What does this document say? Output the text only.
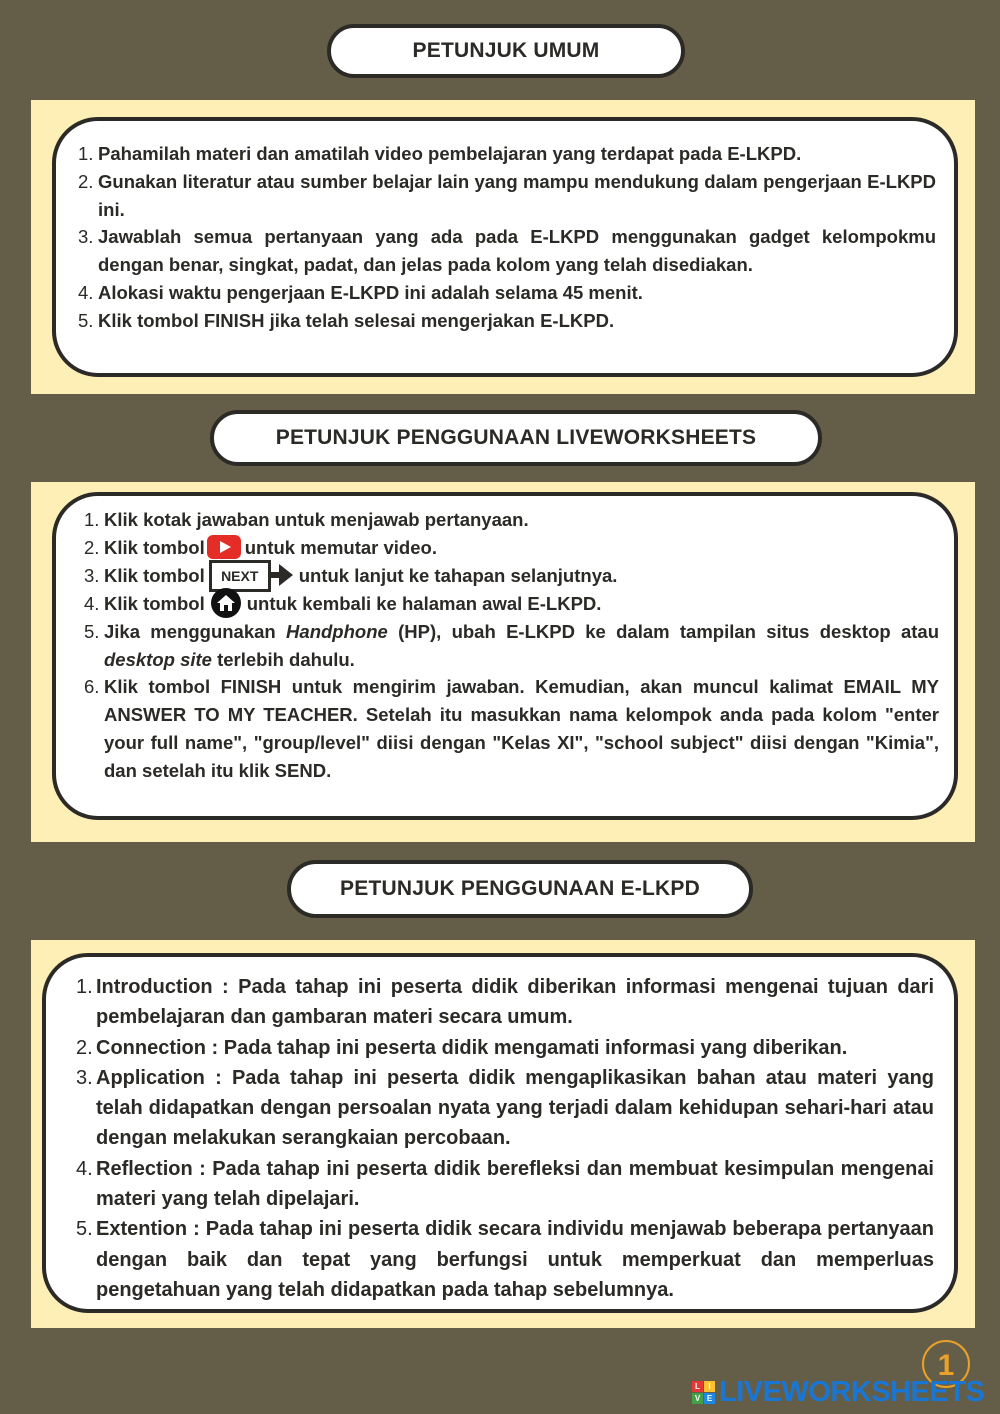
PETUNJUK UMUM
1. Pahamilah materi dan amatilah video pembelajaran yang terdapat pada E-LKPD.
2. Gunakan literatur atau sumber belajar lain yang mampu mendukung dalam pengerjaan E-LKPD ini.
3. Jawablah semua pertanyaan yang ada pada E-LKPD menggunakan gadget kelompokmu dengan benar, singkat, padat, dan jelas pada kolom yang telah disediakan.
4. Alokasi waktu pengerjaan E-LKPD ini adalah selama 45 menit.
5. Klik tombol FINISH jika telah selesai mengerjakan E-LKPD.
PETUNJUK PENGGUNAAN LIVEWORKSHEETS
1. Klik kotak jawaban untuk menjawab pertanyaan.
2. Klik tombol untuk memutar video.
3. Klik tombol	NEXT	untuk lanjut ke tahapan selanjutnya.
4. Klik tombol untuk kembali ke halaman awal E-LKPD.
5. Jika menggunakan Handphone (HP), ubah E-LKPD ke dalam tampilan situs desktop atau desktop site terlebih dahulu.
6. Klik tombol FINISH untuk mengirim jawaban. Kemudian, akan muncul kalimat EMAIL MY ANSWER TO MY TEACHER. Setelah itu masukkan nama kelompok anda pada kolom "enter your full name", "group/level" diisi dengan "Kelas XI", "school subject" diisi dengan "Kimia", dan setelah itu klik SEND.
PETUNJUK PENGGUNAAN E-LKPD
1. Introduction : Pada tahap ini peserta didik diberikan informasi mengenai tujuan dari pembelajaran dan gambaran materi secara umum.
2. Connection : Pada tahap ini peserta didik mengamati informasi yang diberikan.
3. Application : Pada tahap ini peserta didik mengaplikasikan bahan atau materi yang telah didapatkan dengan persoalan nyata yang terjadi dalam kehidupan sehari-hari atau dengan melakukan serangkaian percobaan.
4. Reflection : Pada tahap ini peserta didik berefleksi dan membuat kesimpulan mengenai materi yang telah dipelajari.
5. Extention : Pada tahap ini peserta didik secara individu menjawab beberapa pertanyaan dengan baik dan tepat yang berfungsi untuk memperkuat dan memperluas pengetahuan yang telah didapatkan pada tahap sebelumnya.
1
L	I
V E LIVEWORKSHEETS
